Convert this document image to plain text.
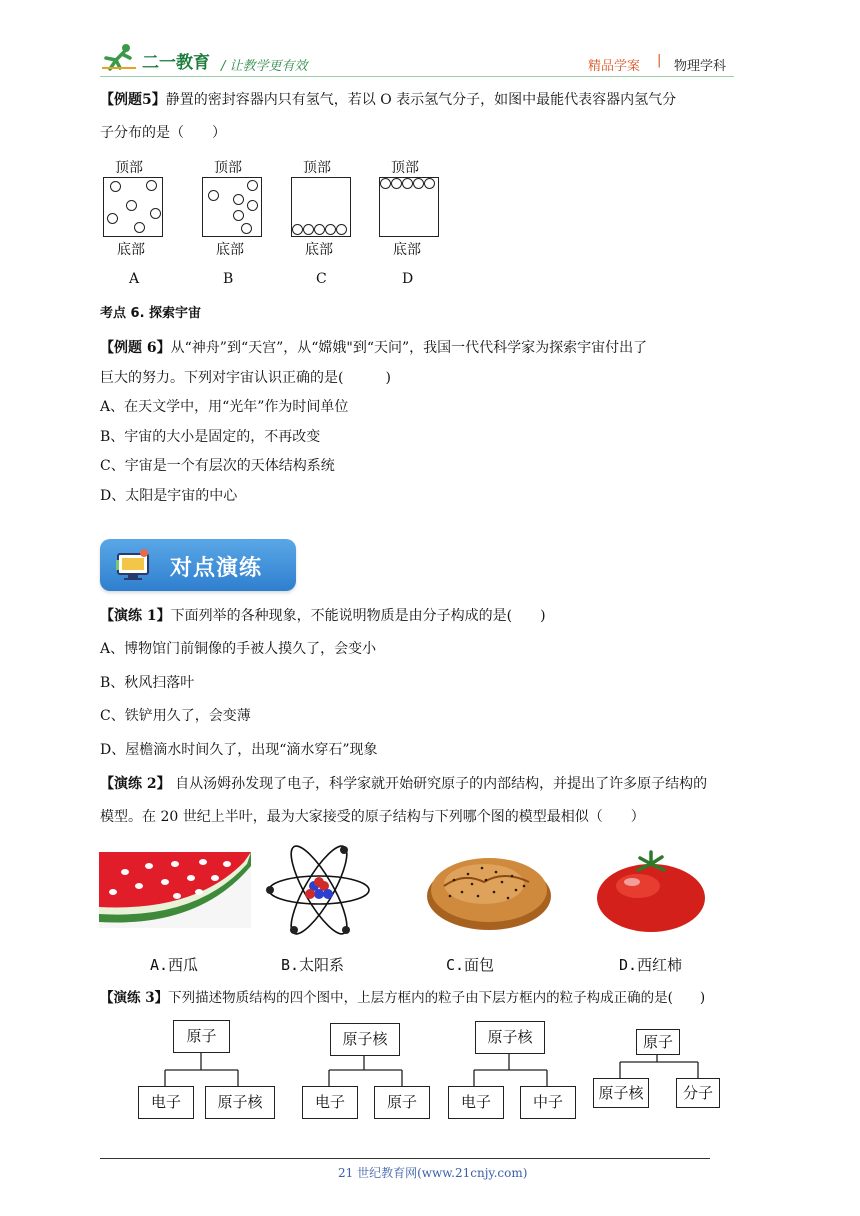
二一教育 / 让教学更有效	精品学案 | 物理学科
【例题5】静置的密封容器内只有氢气，若以 O 表示氢气分子，如图中最能代表容器内氢气分
子分布的是（　　）
顶部
底部
A
顶部
底部
B
顶部
底部
C
顶部
底部
D
考点 6. 探索宇宙
【例题 6】从“神舟”到“天宫”，从“嫦娥"到“天问”，我国一代代科学家为探索宇宙付出了
巨大的努力。下列对宇宙认识正确的是(　　　)
A、在天文学中，用“光年”作为时间单位
B、宇宙的大小是固定的，不再改变
C、宇宙是一个有层次的天体结构系统
D、太阳是宇宙的中心
对点演练
【演练 1】下面列举的各种现象，不能说明物质是由分子构成的是(　　)
A、博物馆门前铜像的手被人摸久了，会变小
B、秋风扫落叶
C、铁铲用久了，会变薄
D、屋檐滴水时间久了，出现“滴水穿石”现象
【演练 2】 自从汤姆孙发现了电子，科学家就开始研究原子的内部结构，并提出了许多原子结构的
模型。在 20 世纪上半叶，最为大家接受的原子结构与下列哪个图的模型最相似（　　）
A.西瓜	B.太阳系	C.面包	D.西红柿
【演练 3】下列描述物质结构的四个图中，上层方框内的粒子由下层方框内的粒子构成正确的是(　　)
原子
电子	原子核
原子核
电子	原子
原子核
电子	中子
原子
原子核	分子
21 世纪教育网(www.21cnjy.com)
